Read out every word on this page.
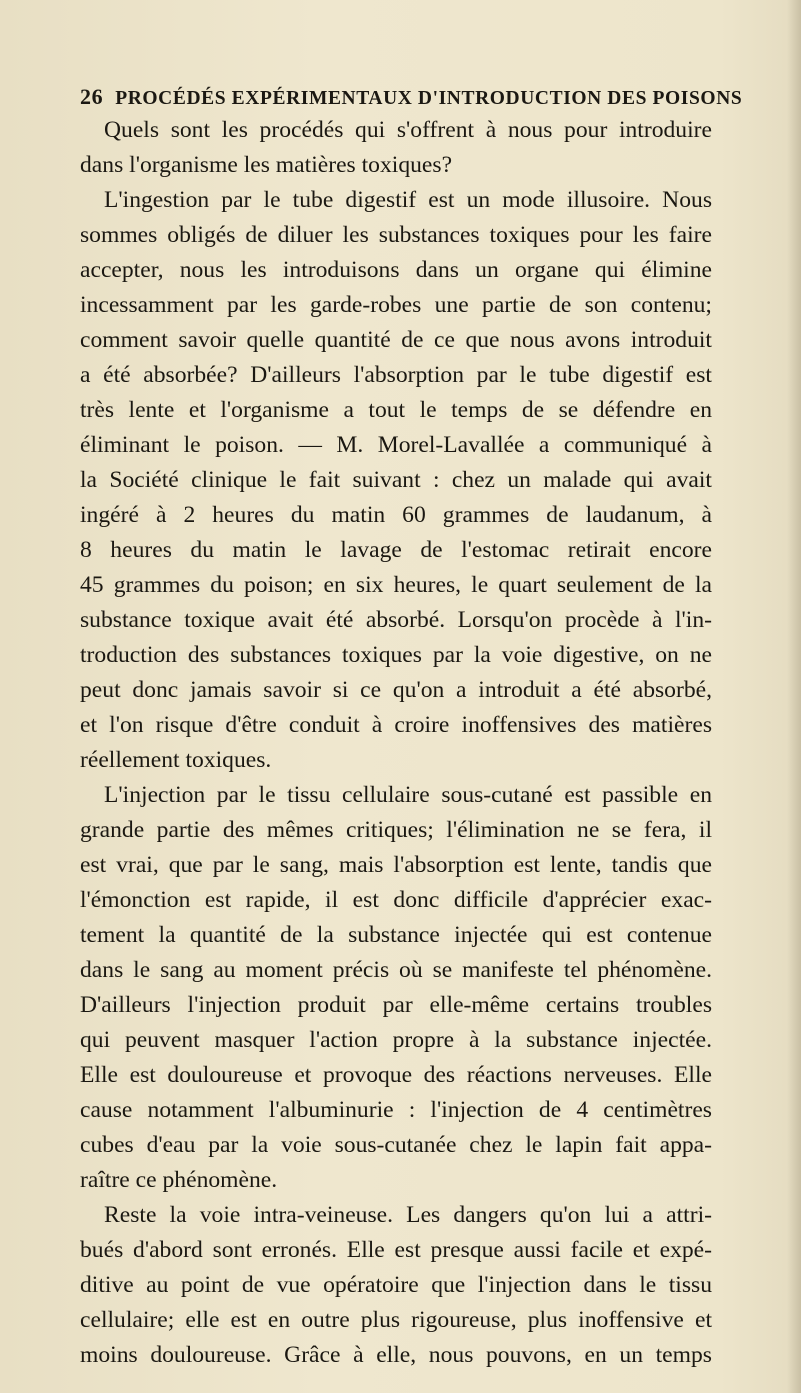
26 PROCÉDÉS EXPÉRIMENTAUX D'INTRODUCTION DES POISONS

Quels sont les procédés qui s'offrent à nous pour introduire
dans l'organisme les matières toxiques?

L'ingestion par le tube digestif est un mode illusoire. Nous
sommes obligés de diluer les substances toxiques pour les faire
accepter, nous les introduisons dans un organe qui élimine
incessamment par les garde-robes une partie de son contenu;
comment savoir quelle quantité de ce que nous avons introduit
a été absorbée? D'ailleurs l'absorption par le tube digestif est
très lente et l'organisme a tout le temps de se défendre en
éliminant le poison. — M. Morel-Lavallée a communiqué à
la Société clinique le fait suivant : chez un malade qui avait
ingéré à 2 heures du matin 60 grammes de laudanum, à
8 heures du matin le lavage de l'estomac retirait encore
45 grammes du poison; en six heures, le quart seulement de la
substance toxique avait été absorbé. Lorsqu'on procède à l'in-
troduction des substances toxiques par la voie digestive, on ne
peut donc jamais savoir si ce qu'on a introduit a été absorbé,
et l'on risque d'être conduit à croire inoffensives des matières
réellement toxiques.

L'injection par le tissu cellulaire sous-cutané est passible en
grande partie des mêmes critiques; l'élimination ne se fera, il
est vrai, que par le sang, mais l'absorption est lente, tandis que
l'émonction est rapide, il est donc difficile d'apprécier exac-
tement la quantité de la substance injectée qui est contenue
dans le sang au moment précis où se manifeste tel phénomène.
D'ailleurs l'injection produit par elle-même certains troubles
qui peuvent masquer l'action propre à la substance injectée.
Elle est douloureuse et provoque des réactions nerveuses. Elle
cause notamment l'albuminurie : l'injection de 4 centimètres
cubes d'eau par la voie sous-cutanée chez le lapin fait appa-
raître ce phénomène.

Reste la voie intra-veineuse. Les dangers qu'on lui a attri-
bués d'abord sont erronés. Elle est presque aussi facile et expé-
ditive au point de vue opératoire que l'injection dans le tissu
cellulaire; elle est en outre plus rigoureuse, plus inoffensive et
moins douloureuse. Grâce à elle, nous pouvons, en un temps
